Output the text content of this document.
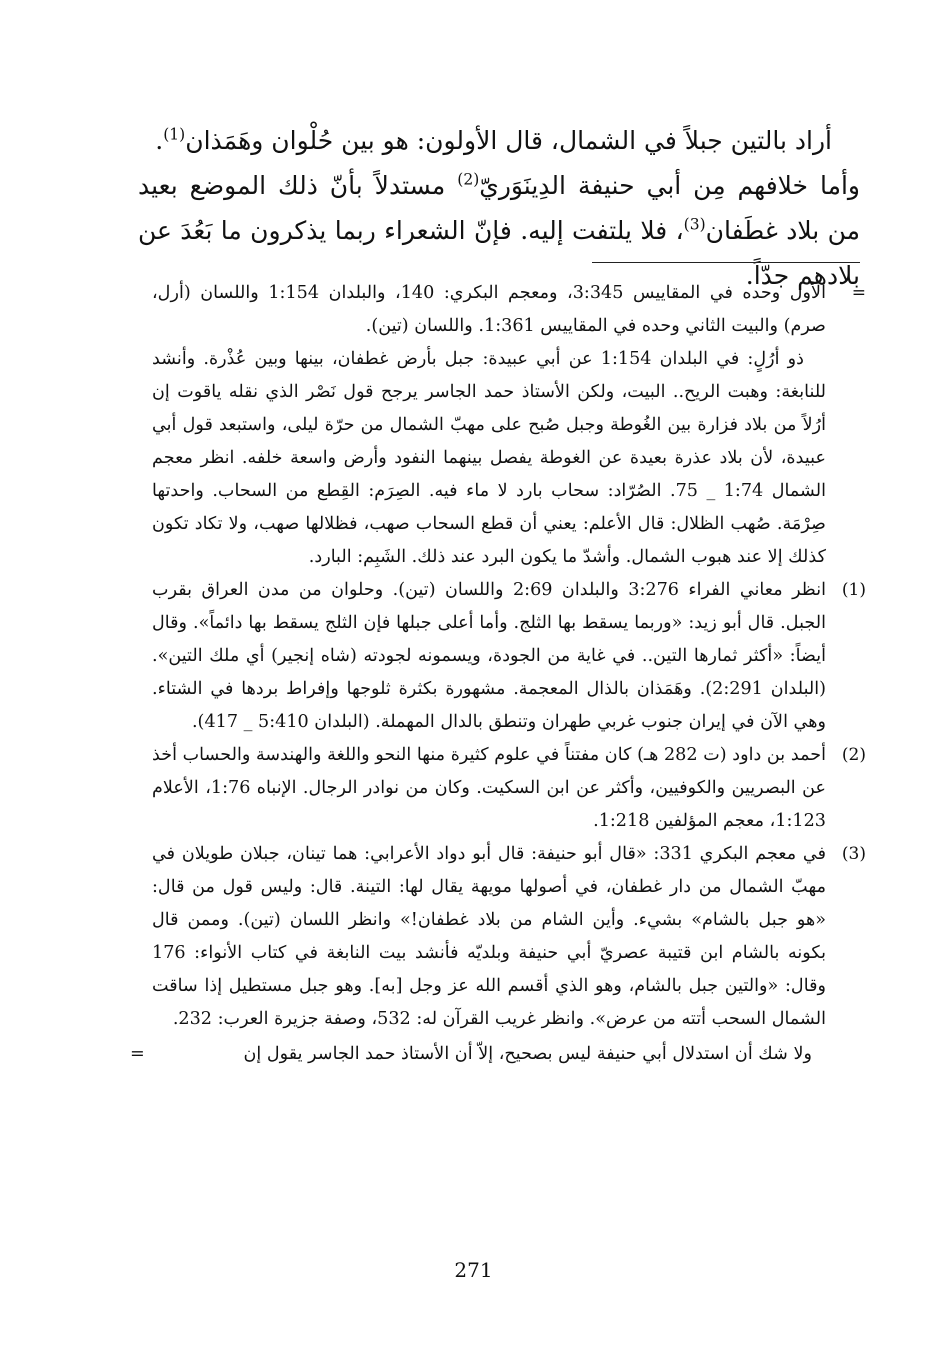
أراد بالتين جبلاً في الشمال، قال الأولون: هو بين حُلْوان وهَمَذان$^{(1)}$.

وأما خلافهم مِن أبي حنيفة الدِينَوَريّ$^{(2)}$ مستدلاً بأنّ ذلك الموضع بعيد من بلاد غطَفان$^{(3)}$، فلا يلتفت إليه. فإنّ الشعراء ربما يذكرون ما بَعُدَ عن بلادهم جدّاً.

=

الأول وحده في المقاييس 3:345، ومعجم البكري: 140، والبلدان 1:154 واللسان (أرل، صرم) والبيت الثاني وحده في المقاييس 1:361. واللسان (تين).

ذو أرُلٍ: في البلدان 1:154 عن أبي عبيدة: جبل بأرض غطفان، بينها وبين عُذْرة. وأنشد للنابغة: وهبت الريح.. البيت، ولكن الأستاذ حمد الجاسر يرجح قول نَصْر الذي نقله ياقوت إن أرُلاً من بلاد فزارة بين الغُوطة وجبل صُبح على مهبّ الشمال من حرّة ليلى، واستبعد قول أبي عبيدة، لأن بلاد عذرة بعيدة عن الغوطة يفصل بينهما النفود وأرض واسعة خلفه. انظر معجم الشمال 1:74 _ 75. الصُرّاد: سحاب بارد لا ماء فيه. الصِرَم: القِطع من السحاب. واحدتها صِرْمَة. صُهب الظلال: قال الأعلم: يعني أن قطع السحاب صهب، فظلالها صهب، ولا تكاد تكون كذلك إلا عند هبوب الشمال. وأشدّ ما يكون البرد عند ذلك. الشَبِم: البارد.

(1)
انظر معاني الفراء 3:276 والبلدان 2:69 واللسان (تين). وحلوان من مدن العراق بقرب الجبل. قال أبو زيد: «وربما يسقط بها الثلج. وأما أعلى جبلها فإن الثلج يسقط بها دائماً». وقال أيضاً: «أكثر ثمارها التين.. في غاية من الجودة، ويسمونه لجودته (شاه إنجير) أي ملك التين». (البلدان 2:291). وهَمَذان بالذال المعجمة. مشهورة بكثرة ثلوجها وإفراط بردها في الشتاء. وهي الآن في إيران جنوب غربي طهران وتنطق بالدال المهملة. (البلدان 5:410 _ 417).
(2)
أحمد بن داود (ت 282 هـ) كان مفتناً في علوم كثيرة منها النحو واللغة والهندسة والحساب أخذ عن البصريين والكوفيين، وأكثر عن ابن السكيت. وكان من نوادر الرجال. الإنباه 1:76، الأعلام 1:123، معجم المؤلفين 1:218.
(3)
في معجم البكري 331: «قال أبو حنيفة: قال أبو دواد الأعرابي: هما تينان، جبلان طويلان في مهبّ الشمال من دار غطفان، في أصولها مويهة يقال لها: التينة. قال: وليس قول من قال: «هو جبل بالشام» بشيء. وأين الشام من بلاد غطفان!» وانظر اللسان (تين). وممن قال بكونه بالشام ابن قتيبة عصريّ أبي حنيفة وبلديّه فأنشد بيت النابغة في كتاب الأنواء: 176 وقال: «والتين جبل بالشام، وهو الذي أقسم الله عز وجل [به]. وهو جبل مستطيل إذا ساقت الشمال السحب أتته من عرض». وانظر غريب القرآن له: 532، وصفة جزيرة العرب: 232.
ولا شك أن استدلال أبي حنيفة ليس بصحيح، إلاّ أن الأستاذ حمد الجاسر يقول إن
=
271
